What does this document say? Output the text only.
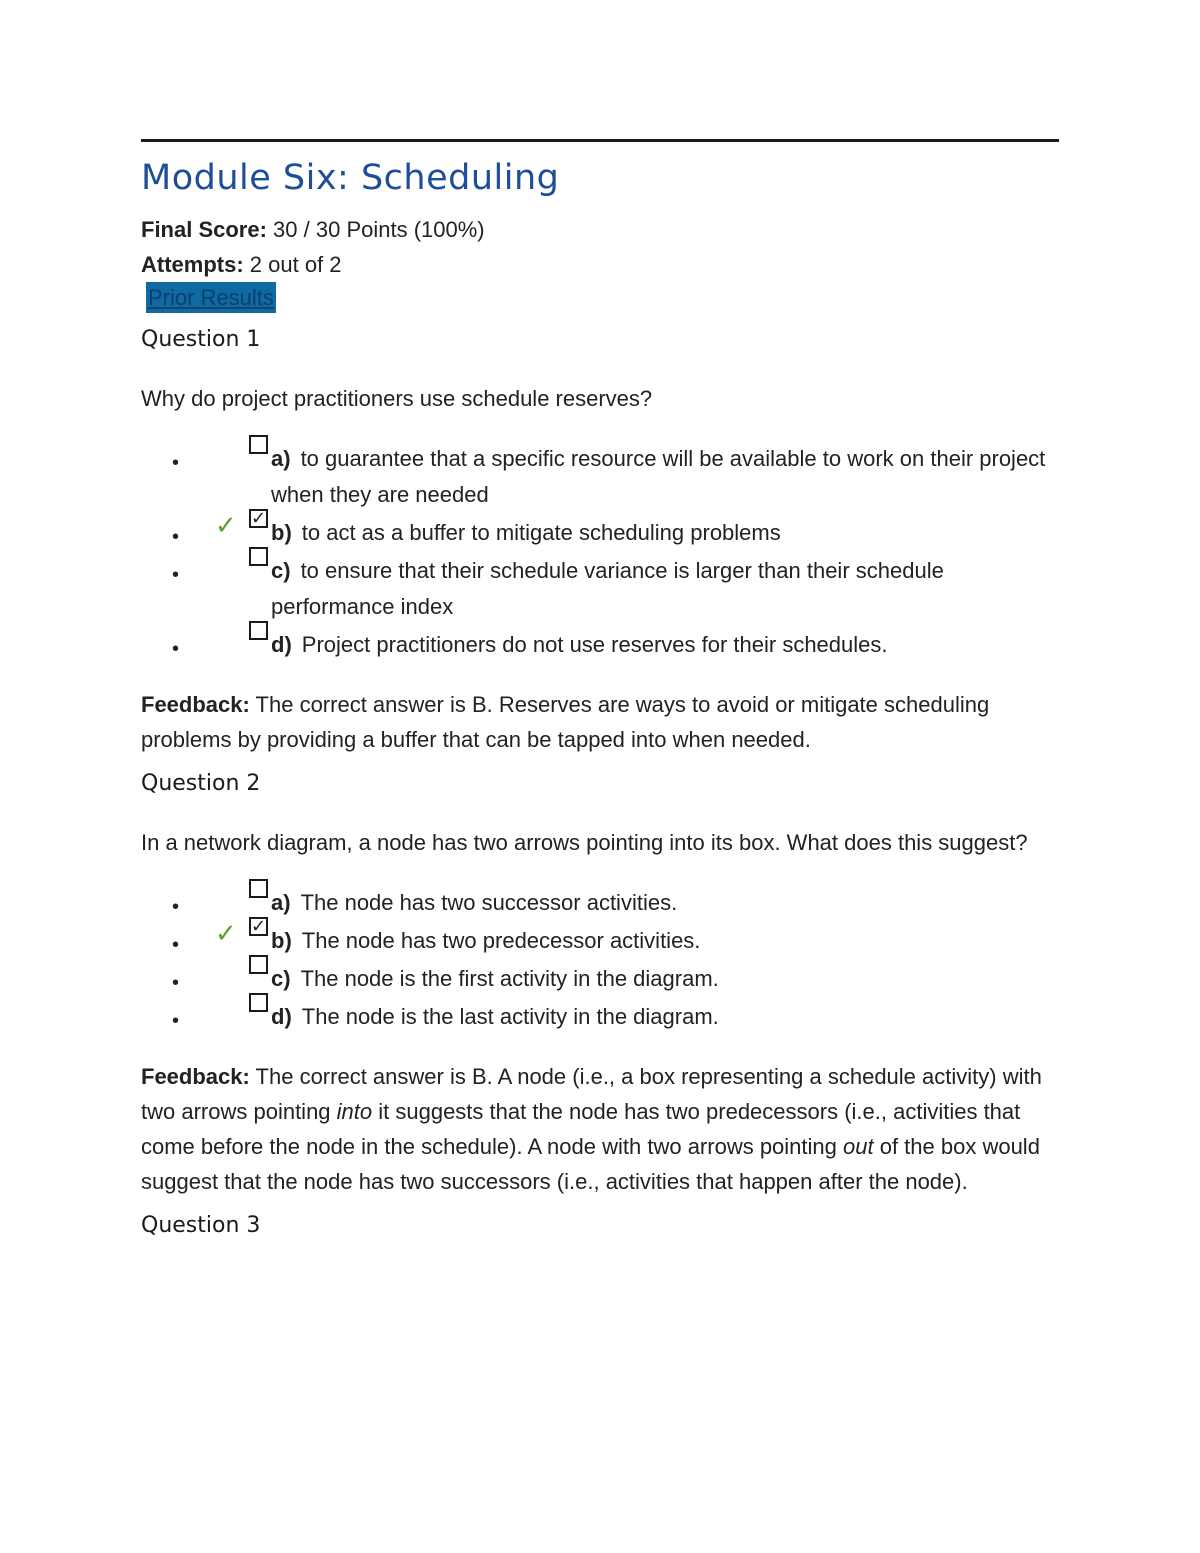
Module Six: Scheduling
Final Score: 30 / 30 Points (100%)
Attempts: 2 out of 2
Prior Results
Question 1
Why do project practitioners use schedule reserves?
•	a) to guarantee that a specific resource will be available to work on their project when they are needed
• ✓ ✓
b) to act as a buffer to mitigate scheduling problems
•	c) to ensure that their schedule variance is larger than their schedule performance index
•	d) Project practitioners do not use reserves for their schedules.
Feedback: The correct answer is B. Reserves are ways to avoid or mitigate scheduling problems by providing a buffer that can be tapped into when needed.
Question 2
In a network diagram, a node has two arrows pointing into its box. What does this suggest?
•	a) The node has two successor activities.
• ✓ ✓
b) The node has two predecessor activities.
•	c) The node is the first activity in the diagram.
•	d) The node is the last activity in the diagram.
Feedback: The correct answer is B. A node (i.e., a box representing a schedule activity) with two arrows pointing into it suggests that the node has two predecessors (i.e., activities that come before the node in the schedule). A node with two arrows pointing out of the box would suggest that the node has two successors (i.e., activities that happen after the node).
Question 3
